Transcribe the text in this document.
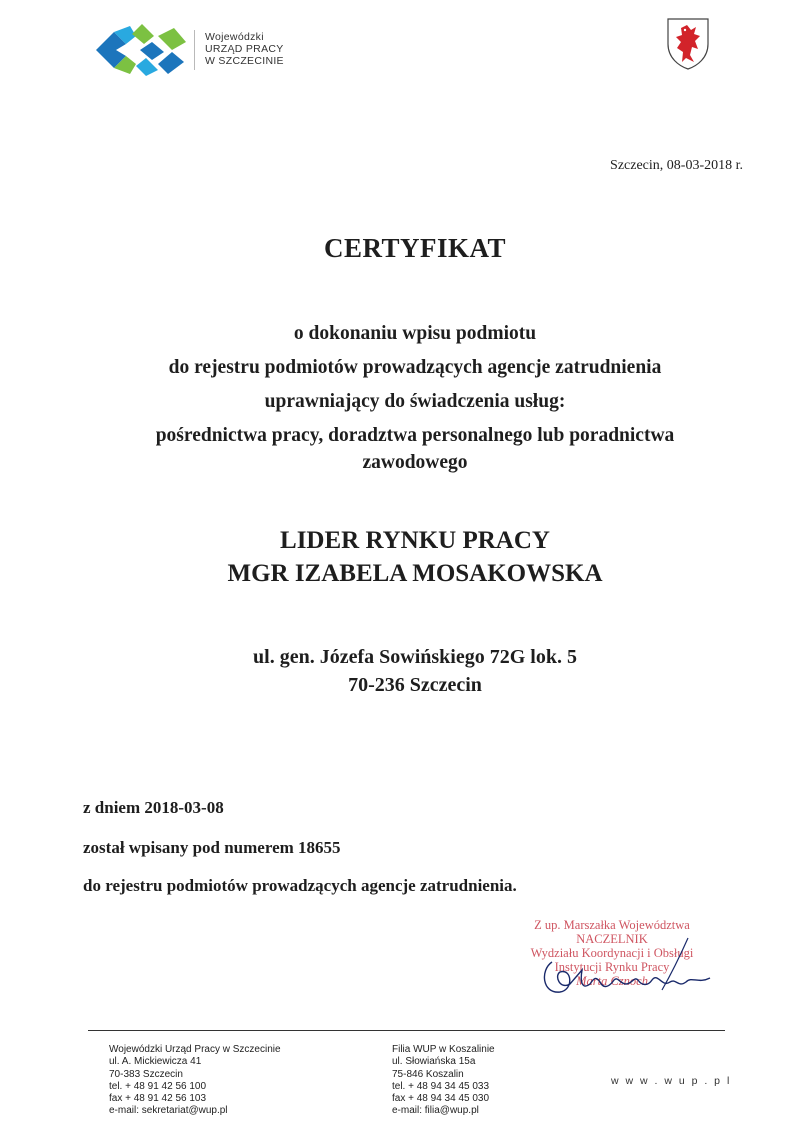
Wojewódzki
URZĄD PRACY
W SZCZECINIE
Szczecin, 08-03-2018 r.
CERTYFIKAT
o dokonaniu wpisu podmiotu
do rejestru podmiotów prowadzących agencje zatrudnienia
uprawniający do świadczenia usług:
pośrednictwa pracy, doradztwa personalnego lub poradnictwa
zawodowego
LIDER RYNKU PRACY
MGR IZABELA MOSAKOWSKA
ul. gen. Józefa Sowińskiego 72G lok. 5
70-236 Szczecin
z dniem 2018-03-08
został wpisany pod numerem 18655
do rejestru podmiotów prowadzących agencje zatrudnienia.
Z up. Marszałka Województwa
NACZELNIK
Wydziału Koordynacji i Obsługi
Instytucji Rynku Pracy
Marta Cznoch
Wojewódzki Urząd Pracy w Szczecinie
ul. A. Mickiewicza 41
70-383 Szczecin
tel. + 48 91 42 56 100
fax + 48 91 42 56 103
e-mail: sekretariat@wup.pl
Filia WUP w Koszalinie
ul. Słowiańska 15a
75-846 Koszalin
tel. + 48 94 34 45 033
fax + 48 94 34 45 030
e-mail: filia@wup.pl
w w w . w u p . p l
